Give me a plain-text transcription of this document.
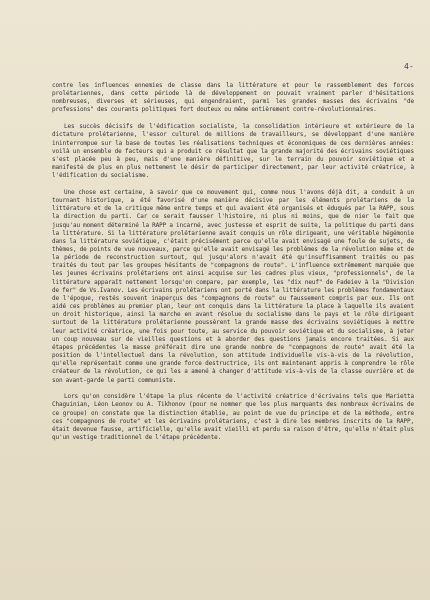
4-

contre les influences ennemies de classe dans la littérature et pour le rassemblement des forces prolétariennes, dans cette période là de développement on pouvait vraiment parler d'hésitations nombreuses, diverses et sérieuses, qui engendraient, parmi les grandes masses des écrivains "de professions" des courants politiques fort douteux ou même entièrement contre-révolutionnaires.

Les succès décisifs de l'édification socialiste, la consolidation intérieure et extérieure de la dictature prolétarienne, l'essor culturel de millions de travailleurs, se développant d'une manière ininterrompue sur la base de toutes les réalisations techniques et économiques de ces dernières années: voilà un ensemble de facteurs qui a produit ce résultat que la grande majorité des écrivains soviétiques s'est placée peu à peu, mais d'une manière définitive, sur le terrain du pouvoir soviétique et a manifesté de plus en plus nettement le désir de participer directement, par leur activité créatrice, à l'édification du socialisme.

Une chose est certaine, à savoir que ce mouvement qui, comme nous l'avons déjà dit, a conduit à un tournant historique, a été favorisé d'une manière décisive par les éléments prolétariens de la littérature et de la critique même entre temps et qui avaient été organisés et éduqués par la RAPP, sous la direction du parti. Car ce serait fausser l'histoire, ni plus ni moins, que de nier le fait que jusqu'au moment déterminé la RAPP a incarné, avec justesse et esprit de suite, la politique du parti dans la littérature. Si la littérature prolétarienne avait conquis un rôle dirigeant, une véritable hégémonie dans la littérature soviétique, c'était précisément parce qu'elle avait envisagé une foule de sujets, de thèmes, de points de vue nouveaux, parce qu'elle avait envisagé les problèmes de la révolution même et de la période de reconstruction surtout, qui jusqu'alors n'avait été qu'insuffisamment traités ou pas traités du tout par les groupes hésitants de "compagnons de route". L'influence extrêmement marquée que les jeunes écrivains prolétariens ont ainsi acquise sur les cadres plus vieux, "professionnels", de la littérature apparaît nettement lorsqu'on compare, par exemple, les "dix neuf" de Fadeiev à la "Division de fer" de Vs.Ivanov. Les écrivains prolétariens ont porté dans la littérature les problèmes fondamentaux de l'époque, restés souvent inaperçus des "compagnons de route" ou faussement compris par eux. Ils ont aidé ces problèmes au premier plan, leur ont conquis dans la littérature la place à laquelle ils avaient un droit historique, ainsi la marche en avant résolue du socialisme dans le pays et le rôle dirigeant surtout de la littérature prolétarienne poussèrent la grande masse des écrivains soviétiques à mettre leur activité créatrice, une fois pour toute, au service du pouvoir soviétique et du socialisme, à jeter un coup nouveau sur de vieilles questions et à aborder des questions jamais encore traitées. Si aux étapes précédentes la masse préférait dire une grande nombre de "compagnons de route" avait été la position de l'intellectuel dans la révolution, son attitude individuelle vis-à-vis de la révolution, qu'elle représentait comme une grande force destructrice, ils ont maintenant appris à comprendre le rôle créateur de la révolution, ce qui les a amené à changer d'attitude vis-à-vis de la classe ouvrière et de son avant-garde le parti communiste.

Lors qu'on considère l'étape la plus récente de l'activité créatrice d'écrivains tels que Marietta Chaguinian, Léon Leonov ou A. Tikhonov (pour ne nommer que les plus marquants des nombreux écrivains de ce groupe) on constate que la distinction établie, au point de vue du principe et de la méthode, entre ces "compagnons de route" et les écrivains prolétariens, c'est à dire les membres inscrits de la RAPP, était devenue fausse, artificielle, qu'elle avait vieilli et perdu sa raison d'être, qu'elle n'était plus qu'un vestige traditionnel de l'étape précédente.
